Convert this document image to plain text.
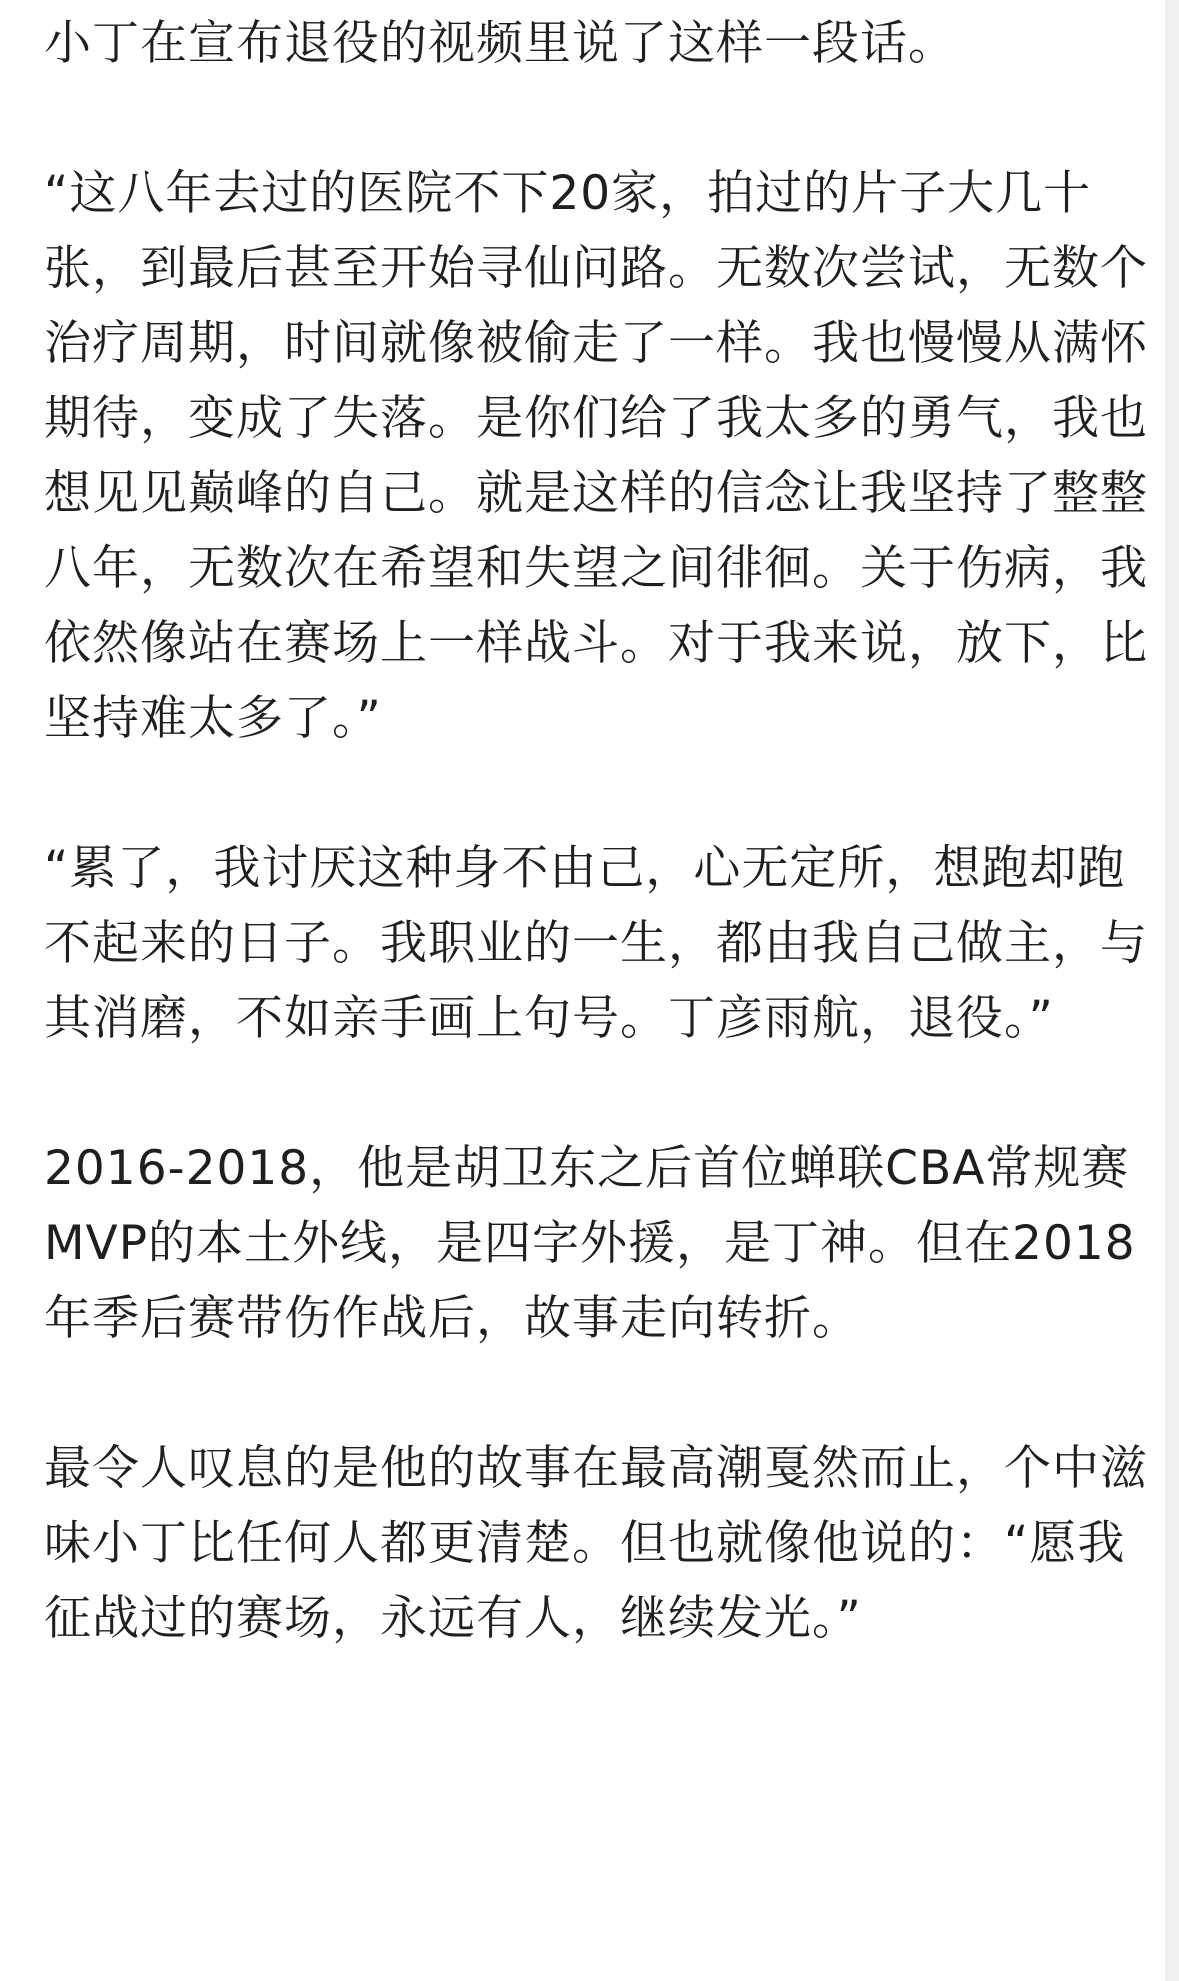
小丁在宣布退役的视频里说了这样一段话。

“这八年去过的医院不下20家，拍过的片子大几十张，到最后甚至开始寻仙问路。无数次尝试，无数个治疗周期，时间就像被偷走了一样。我也慢慢从满怀期待，变成了失落。是你们给了我太多的勇气，我也想见见巅峰的自己。就是这样的信念让我坚持了整整八年，无数次在希望和失望之间徘徊。关于伤病，我依然像站在赛场上一样战斗。对于我来说，放下，比坚持难太多了。”

“累了，我讨厌这种身不由己，心无定所，想跑却跑不起来的日子。我职业的一生，都由我自己做主，与其消磨，不如亲手画上句号。丁彦雨航，退役。”

2016-2018，他是胡卫东之后首位蝉联CBA常规赛MVP的本土外线，是四字外援，是丁神。但在2018年季后赛带伤作战后，故事走向转折。

最令人叹息的是他的故事在最高潮戛然而止，个中滋味小丁比任何人都更清楚。但也就像他说的：“愿我征战过的赛场，永远有人，继续发光。”
